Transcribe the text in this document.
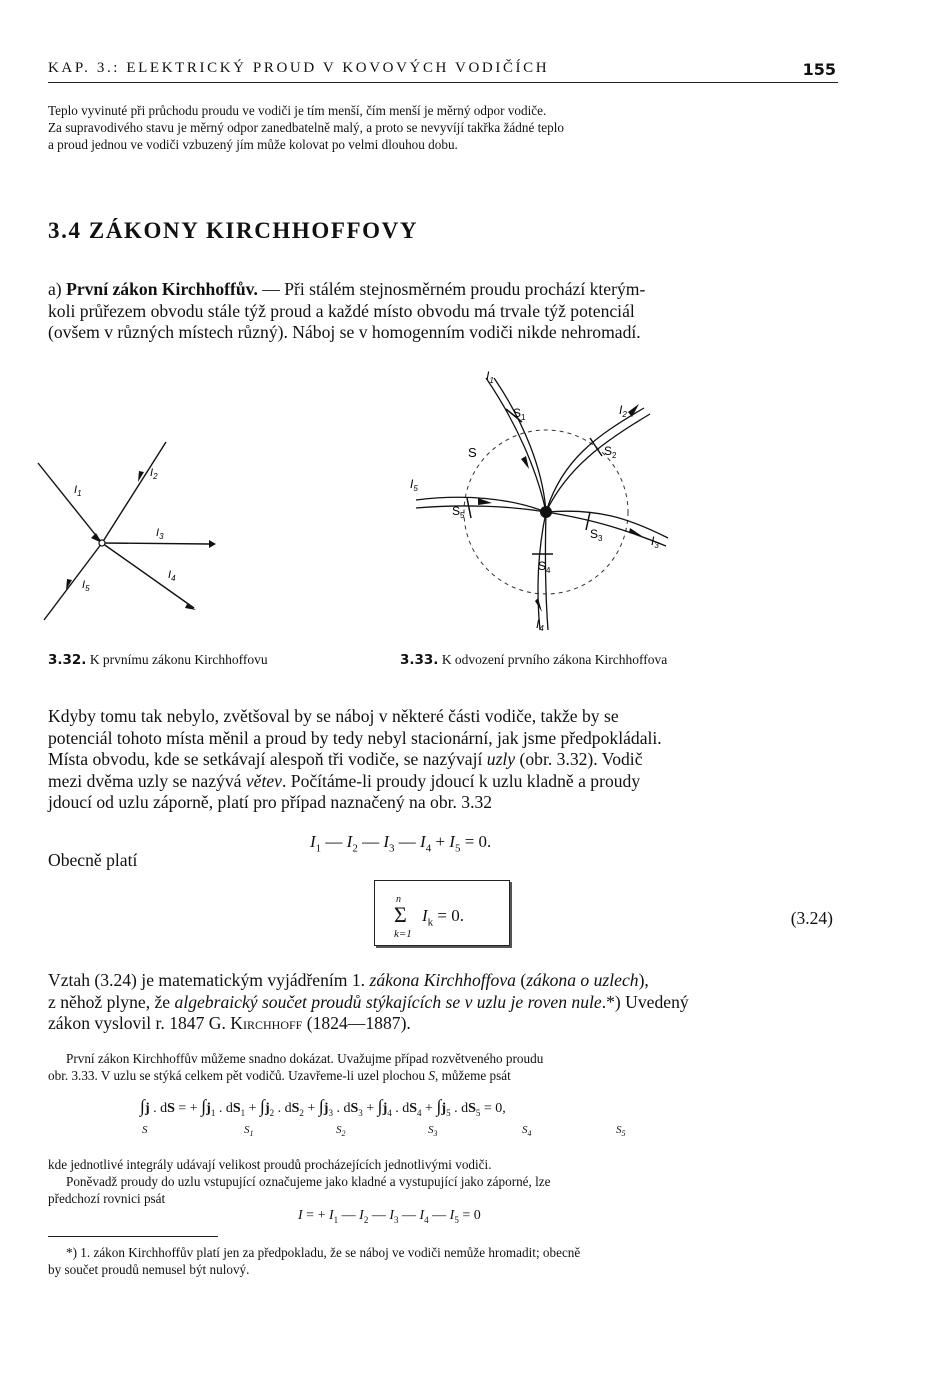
KAP. 3.: ELEKTRICKÝ PROUD V KOVOVÝCH VODIČÍCH	155
Teplo vyvinuté při průchodu proudu ve vodiči je tím menší, čím menší je měrný odpor vodiče.
Za supravodivého stavu je měrný odpor zanedbatelně malý, a proto se nevyvíjí takřka žádné teplo
a proud jednou ve vodiči vzbuzený jím může kolovat po velmi dlouhou dobu.
3.4 ZÁKONY KIRCHHOFFOVY
a) První zákon Kirchhoffův. — Při stálém stejnosměrném proudu prochází kterým-
koli průřezem obvodu stále týž proud a každé místo obvodu má trvale týž potenciál
(ovšem v různých místech různý). Náboj se v homogenním vodiči nikde nehromadí.
$I_1$
$I_2$
$I_3$
$I_4$
$I_5$
3.32. K prvnímu zákonu Kirchhoffovu
$I_1$
$I_2$
$I_3$
$I_4$
$I_5$
$S_1$
$S_2$
$S_3$
$S_4$
$S_5$
S
3.33. K odvození prvního zákona Kirchhoffova
Kdyby tomu tak nebylo, zvětšoval by se náboj v některé části vodiče, takže by se
potenciál tohoto místa měnil a proud by tedy nebyl stacionární, jak jsme předpokládali.
Místa obvodu, kde se setkávají alespoň tři vodiče, se nazývají uzly (obr. 3.32). Vodič
mezi dvěma uzly se nazývá větev. Počítáme-li proudy jdoucí k uzlu kladně a proudy
jdoucí od uzlu záporně, platí pro případ naznačený na obr. 3.32
$I_1$ — $I_2$ — $I_3$ — $I_4 + I_5 = 0$.
Obecně platí
n
Σ
k=1
$I_k = 0$.	(3.24)
Vztah (3.24) je matematickým vyjádřením 1. zákona Kirchhoffova (zákona o uzlech),
z něhož plyne, že algebraický součet proudů stýkajících se v uzlu je roven nule.*) Uvedený
zákon vyslovil r. 1847 G. Kirchhoff (1824—1887).
První zákon Kirchhoffův můžeme snadno dokázat. Uvažujme případ rozvětveného proudu
obr. 3.33. V uzlu se stýká celkem pět vodičů. Uzavřeme-li uzel plochou S, můžeme psát
∫j . dS = + $\int j_1$ . $dS_1 + \int j_2$ . $dS_2 + \int j_3$ . $dS_3 + \int j_4$ . $dS_4 + \int j_5$ . $dS_5 = 0$,
S	$S_1$	$S_2$	$S_3$	$S_4$	$S_5$
kde jednotlivé integrály udávají velikost proudů procházejících jednotlivými vodiči.
Poněvadž proudy do uzlu vstupující označujeme jako kladné a vystupující jako záporné, lze
předchozí rovnici psát
I = + $I_1$ — $I_2$ — $I_3$ — $I_4$ — $I_5 = 0$
*) 1. zákon Kirchhoffův platí jen za předpokladu, že se náboj ve vodiči nemůže hromadit; obecně
by součet proudů nemusel být nulový.
